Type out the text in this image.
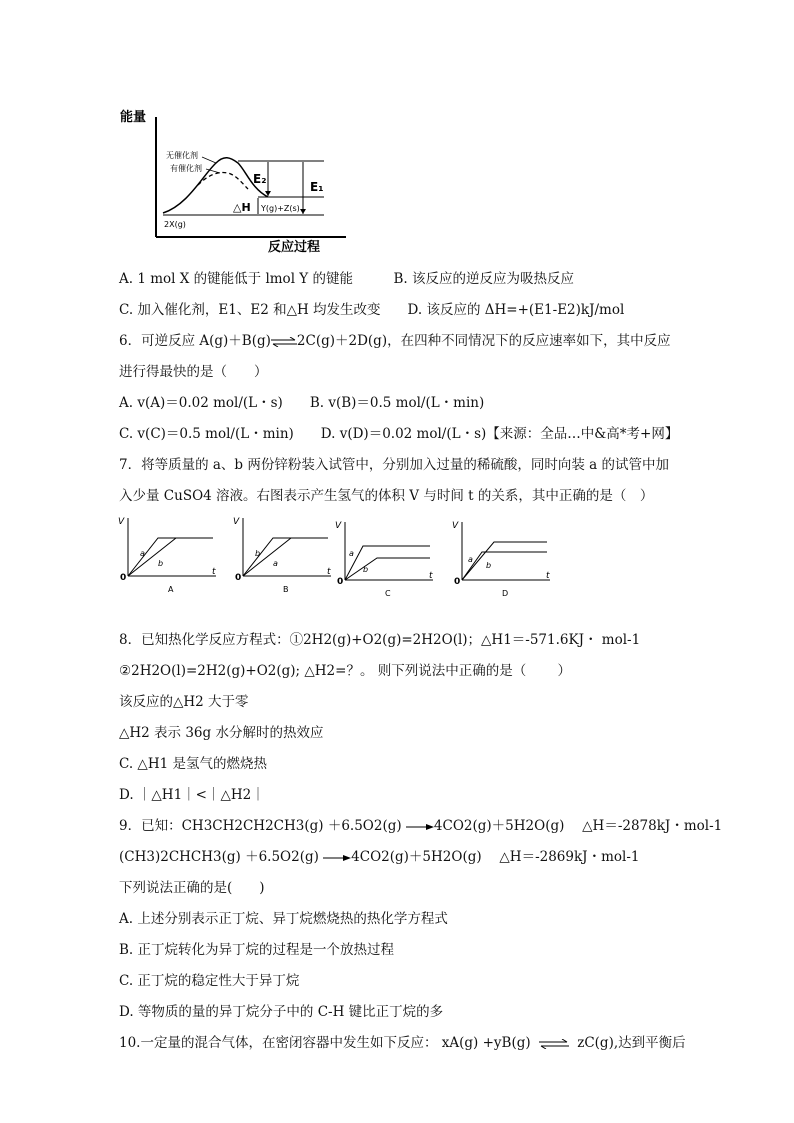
能量
反应过程
E₂
E₁
△H Y(g)+Z(s)
2X(g)
无催化剂
有催化剂
A. 1 mol X 的键能低于 lmol Y 的键能　　　B. 该反应的逆反应为吸热反应
C. 加入催化剂，E1、E2 和△H 均发生改变　　D. 该反应的 ΔH=+(E1-E2)kJ/mol
6．可逆反应 A(g)＋B(g)⇌2C(g)＋2D(g)，在四种不同情况下的反应速率如下，其中反应
进行得最快的是（　　）
A. v(A)＝0.02 mol/(L・s)　　B. v(B)＝0.5 mol/(L・min)
C. v(C)＝0.5 mol/(L・min)　　D. v(D)＝0.02 mol/(L・s)【来源：全品…中&高*考+网】
7．将等质量的 a、b 两份锌粉装入试管中，分别加入过量的稀硫酸，同时向装 a 的试管中加
入少量 CuSO4 溶液。右图表示产生氢气的体积 V 与时间 t 的关系，其中正确的是（　）
V
t
0
a
b
A
V
t
0
b
a
B
V
t
0
a
b
C
V
t
0
a
b
D
8．已知热化学反应方程式：①2H2(g)+O2(g)=2H2O(l)；△H1＝-571.6KJ・ mol-1
②2H2O(l)=2H2(g)+O2(g); △H2=？。 则下列说法中正确的是（　　 ）
该反应的△H2 大于零
△H2 表示 36g 水分解时的热效应
C. △H1 是氢气的燃烧热
D. ｜△H1｜<｜△H2｜
9．已知：CH3CH2CH2CH3(g) ＋6.5O2(g) →4CO2(g)＋5H2O(g)　 △H＝-2878kJ・mol-1
(CH3)2CHCH3(g) ＋6.5O2(g) →4CO2(g)＋5H2O(g)　 △H＝-2869kJ・mol-1
下列说法正确的是(　　)
A. 上述分别表示正丁烷、异丁烷燃烧热的热化学方程式
B. 正丁烷转化为异丁烷的过程是一个放热过程
C. 正丁烷的稳定性大于异丁烷
D. 等物质的量的异丁烷分子中的 C-H 键比正丁烷的多
10.一定量的混合气体，在密闭容器中发生如下反应： xA(g) +yB(g) ⇌ zC(g),达到平衡后
